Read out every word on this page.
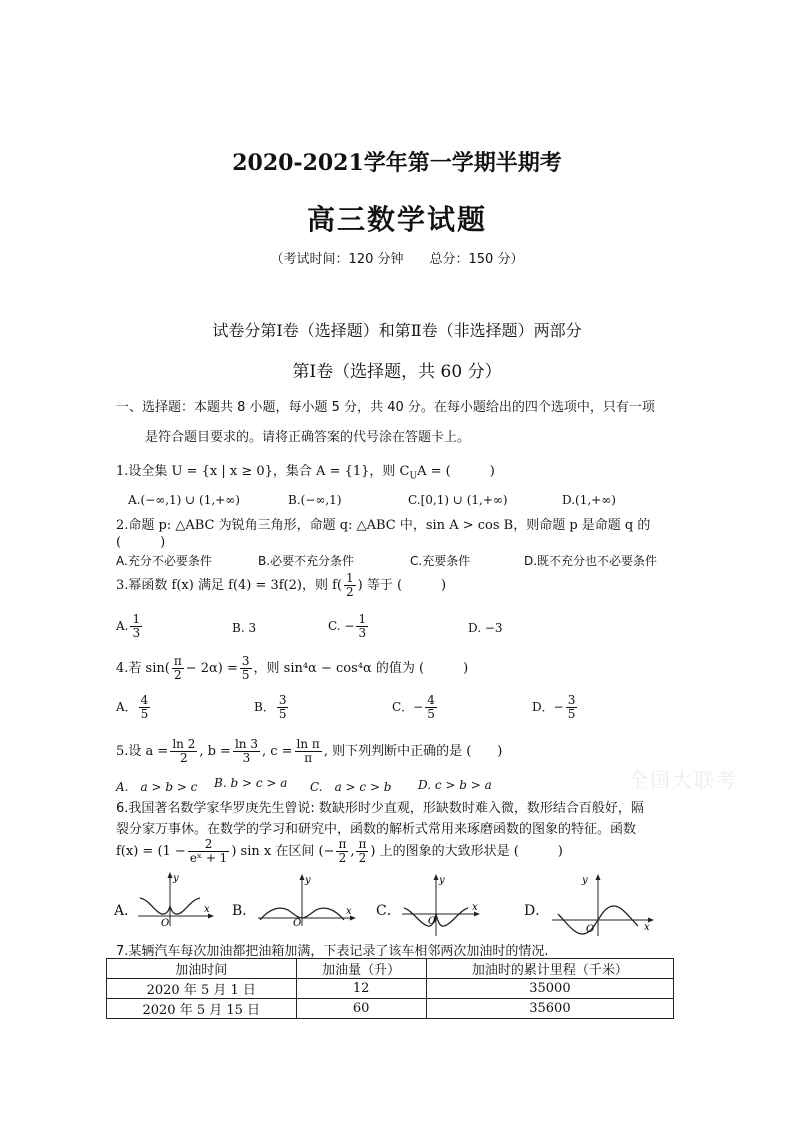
2020-2021学年第一学期半期考
高三数学试题
（考试时间：120 分钟 总分：150 分）
试卷分第Ⅰ卷（选择题）和第Ⅱ卷（非选择题）两部分
第Ⅰ卷（选择题，共 60 分）
一、选择题：本题共 8 小题，每小题 5 分，共 40 分。在每小题给出的四个选项中，只有一项
是符合题目要求的。请将正确答案的代号涂在答题卡上。
1.设全集 U = {x | x ≥ 0}，集合 A = {1}，则 $C_UA$ = (　　　)
A.(−∞,1) ∪ (1,+∞)	B.(−∞,1)	C.[0,1) ∪ (1,+∞)	D.(1,+∞)
2.命题 p: △ABC 为锐角三角形，命题 q: △ABC 中，sin A > cos B，则命题 p 是命题 q 的
(　　　)
A.充分不必要条件	B.必要不充分条件	C.充要条件	D.既不充分也不必要条件
3.幂函数 f(x) 满足 f(4) = 3f(2)，则 $f( \frac{1}{2}$ ) 等于 (　　　)
A. $\frac{1}{3}$	B. 3	C. − $\frac{1}{3}$	D. −3
4.若 $\sin( \frac{\pi}{2} - 2\alpha) = \frac{3}{5}$ ，则 sin⁴α − cos⁴α 的值为 (　　　)
A． $\frac{4}{5}$	B． $\frac{3}{5}$	C．− $\frac{4}{5}$	D．− $\frac{3}{5}$
5.设 $a = \frac{\ln 2}{2}$ , $b = \frac{\ln 3}{3}$ , $c = \frac{\text{ln π}}{\pi}$ , 则下列判断中正确的是 (　　)
A.　a > b > c B. b > c > a C.　a > c > b D. c > b > a	全国大联考
6.我国著名数学家华罗庚先生曾说: 数缺形时少直观，形缺数时难入微，数形结合百般好，隔
裂分家万事休。在数学的学习和研究中，函数的解析式常用来琢磨函数的图象的特征。函数
$f(x) = (1 - \frac{2}{\text{eˣ + 1}}$ ) sin x 在区间 (− $\frac{\pi}{2}$ , $\frac{\pi}{2}$ ) 上的图象的大致形状是 (　　　)
A．
O
y
x B．
O
y
x C．
O
y
x	D．
O
y
x
7.某辆汽车每次加油都把油箱加满，下表记录了该车相邻两次加油时的情况.
加油时间	加油量（升）	加油时的累计里程（千米）
2020 年 5 月 1 日	12	35000
2020 年 5 月 15 日	60	35600
